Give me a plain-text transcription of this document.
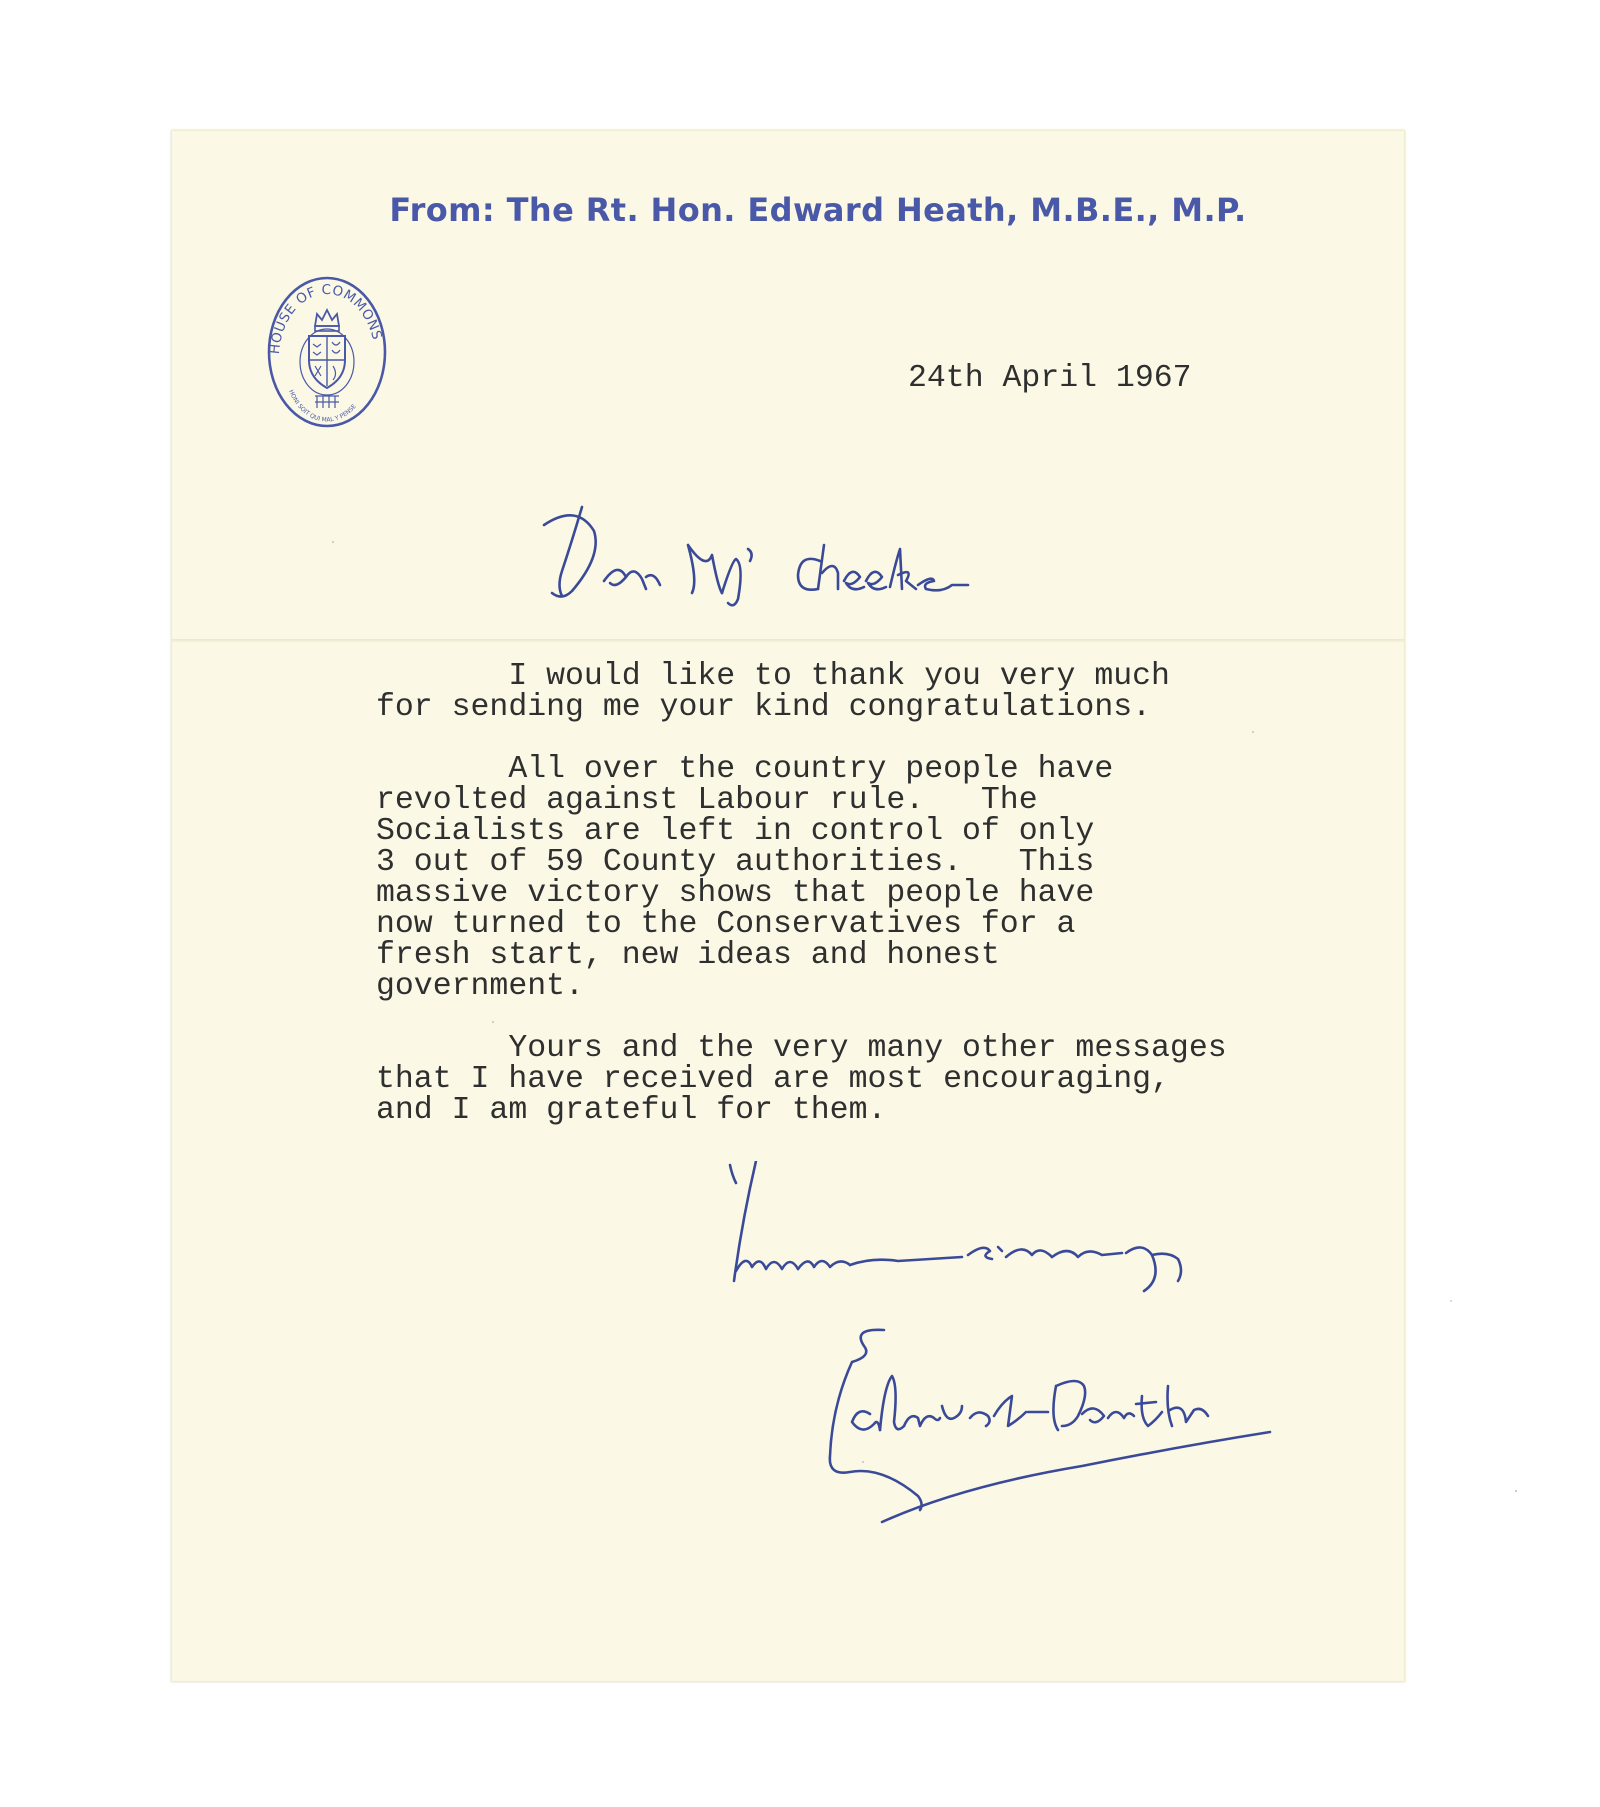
From: The Rt. Hon. Edward Heath, M.B.E., M.P.
HOUSE OF COMMONS
HONI SOIT QUI MAL Y PENSE

24th April 1967

I would like to thank you very much
for sending me your kind congratulations.

All over the country people have
revolted against Labour rule.   The
Socialists are left in control of only
3 out of 59 County authorities.   This
massive victory shows that people have
now turned to the Conservatives for a
fresh start, new ideas and honest
government.

Yours and the very many other messages
that I have received are most encouraging,
and I am grateful for them.
